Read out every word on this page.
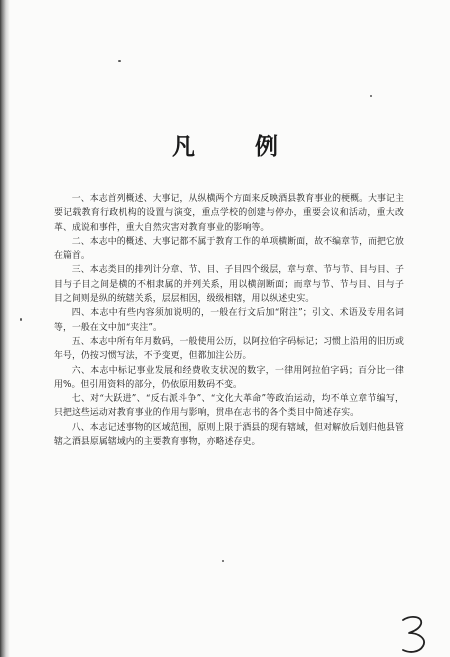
凡 例

一、本志首列概述、大事记，从纵横两个方面来反映酒县教育事业的梗概。大事记主要记载教育行政机构的设置与演变，重点学校的创建与停办，重要会议和活动，重大改革、成说和事件，重大自然灾害对教育事业的影响等。

二、本志中的概述、大事记都不属于教育工作的单项横断面，故不编章节，而把它放在篇首。

三、本志类目的排列计分章、节、目、子目四个级层，章与章、节与节、目与目、子目与子目之间是横的不相隶属的并列关系，用以横剖断面；而章与节、节与目、目与子目之间则是纵的统辖关系，层层相因，级级相辖，用以纵述史实。

四、本志中有些内容须加说明的，一般在行文后加“附注”；引文、术语及专用名词等，一般在文中加“夹注”。

五、本志中所有年月数码，一般使用公历，以阿拉伯字码标记；习惯上沿用的旧历或年号，仍按习惯写法，不予变更，但都加注公历。

六、本志中标记事业发展和经费收支状况的数字，一律用阿拉伯字码；百分比一律用%。但引用资料的部分，仍依原用数码不变。

七、对“大跃进”、“反右派斗争”、“文化大革命”等政治运动，均不单立章节编写，只把这些运动对教育事业的作用与影响，贯串在志书的各个类目中简述存实。

八、本志记述事物的区域范围，原则上限于酒县的现有辖域，但对解放后划归他县管辖之酒县原属辖域内的主要教育事物，亦略述存史。
